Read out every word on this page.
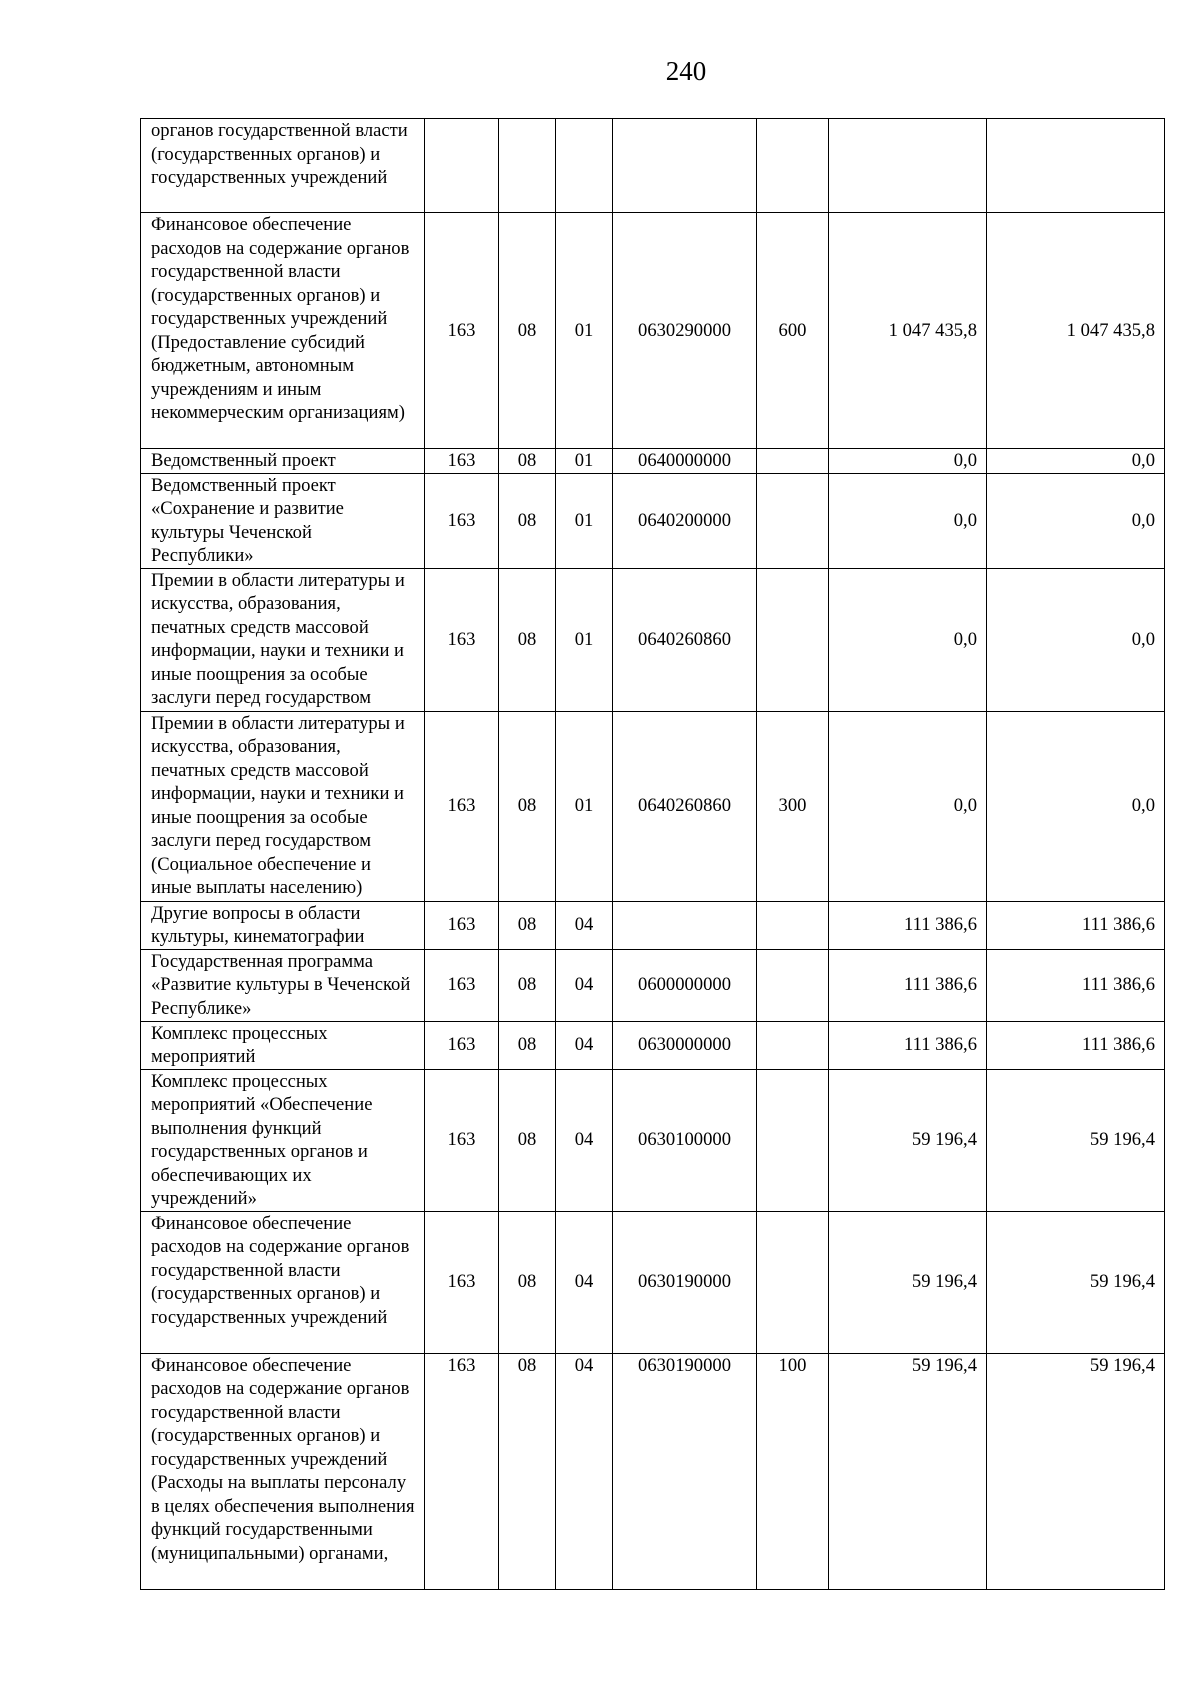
240
органов государственной власти (государственных органов) и государственных учреждений							
Финансовое обеспечение расходов на содержание органов государственной власти (государственных органов) и государственных учреждений (Предоставление субсидий бюджетным, автономным учреждениям и иным некоммерческим организациям)	163	08	01	0630290000	600	1 047 435,8	1 047 435,8
Ведомственный проект	163	08	01	0640000000		0,0	0,0
Ведомственный проект «Сохранение и развитие культуры Чеченской Республики»	163	08	01	0640200000		0,0	0,0
Премии в области литературы и искусства, образования, печатных средств массовой информации, науки и техники и иные поощрения за особые заслуги перед государством	163	08	01	0640260860		0,0	0,0
Премии в области литературы и искусства, образования, печатных средств массовой информации, науки и техники и иные поощрения за особые заслуги перед государством (Социальное обеспечение и иные выплаты населению)	163	08	01	0640260860	300	0,0	0,0
Другие вопросы в области культуры, кинематографии	163	08	04			111 386,6	111 386,6
Государственная программа «Развитие культуры в Чеченской Республике»	163	08	04	0600000000		111 386,6	111 386,6
Комплекс процессных мероприятий	163	08	04	0630000000		111 386,6	111 386,6
Комплекс процессных мероприятий «Обеспечение выполнения функций государственных органов и обеспечивающих их учреждений»	163	08	04	0630100000		59 196,4	59 196,4
Финансовое обеспечение расходов на содержание органов государственной власти (государственных органов) и государственных учреждений	163	08	04	0630190000		59 196,4	59 196,4
Финансовое обеспечение расходов на содержание органов государственной власти (государственных органов) и государственных учреждений (Расходы на выплаты персоналу в целях обеспечения выполнения функций государственными (муниципальными) органами,	163	08	04	0630190000	100	59 196,4	59 196,4
